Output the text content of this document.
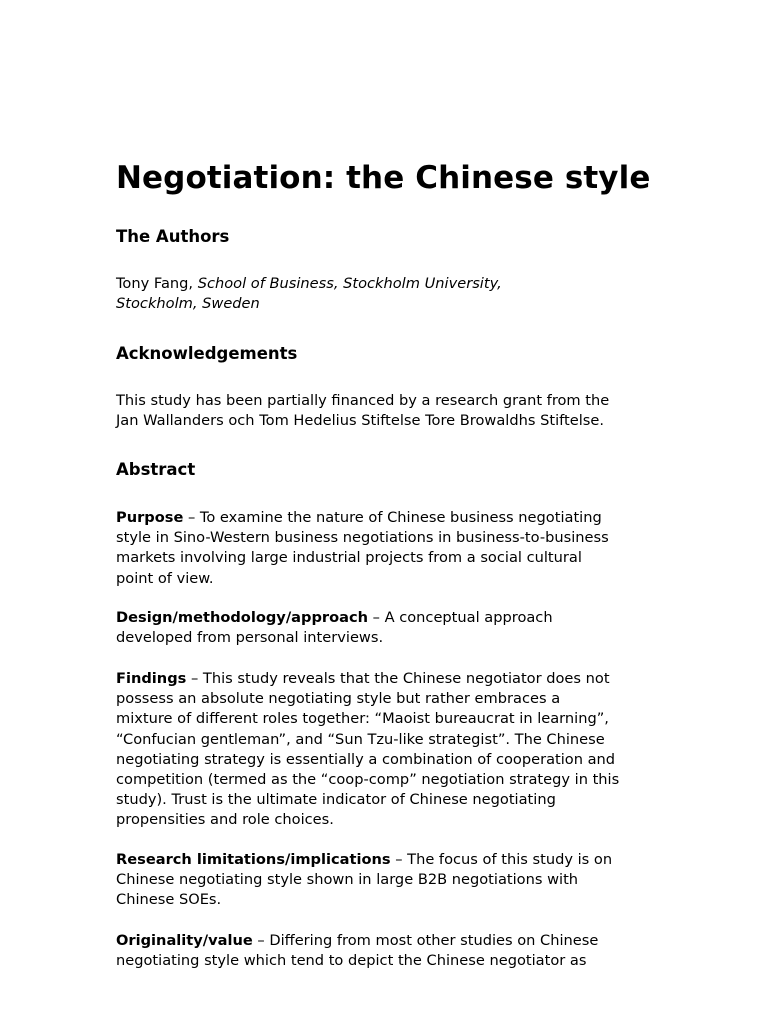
Negotiation: the Chinese style
The Authors

Tony Fang, School of Business, Stockholm University,
Stockholm, Sweden

Acknowledgements

This study has been partially financed by a research grant from the
Jan Wallanders och Tom Hedelius Stiftelse Tore Browaldhs Stiftelse.

Abstract

Purpose – To examine the nature of Chinese business negotiating
style in Sino-Western business negotiations in business-to-business
markets involving large industrial projects from a social cultural
point of view.

Design/methodology/approach – A conceptual approach
developed from personal interviews.

Findings – This study reveals that the Chinese negotiator does not
possess an absolute negotiating style but rather embraces a
mixture of different roles together: “Maoist bureaucrat in learning”,
“Confucian gentleman”, and “Sun Tzu-like strategist”. The Chinese
negotiating strategy is essentially a combination of cooperation and
competition (termed as the “coop-comp” negotiation strategy in this
study). Trust is the ultimate indicator of Chinese negotiating
propensities and role choices.

Research limitations/implications – The focus of this study is on
Chinese negotiating style shown in large B2B negotiations with
Chinese SOEs.

Originality/value – Differing from most other studies on Chinese
negotiating style which tend to depict the Chinese negotiator as
